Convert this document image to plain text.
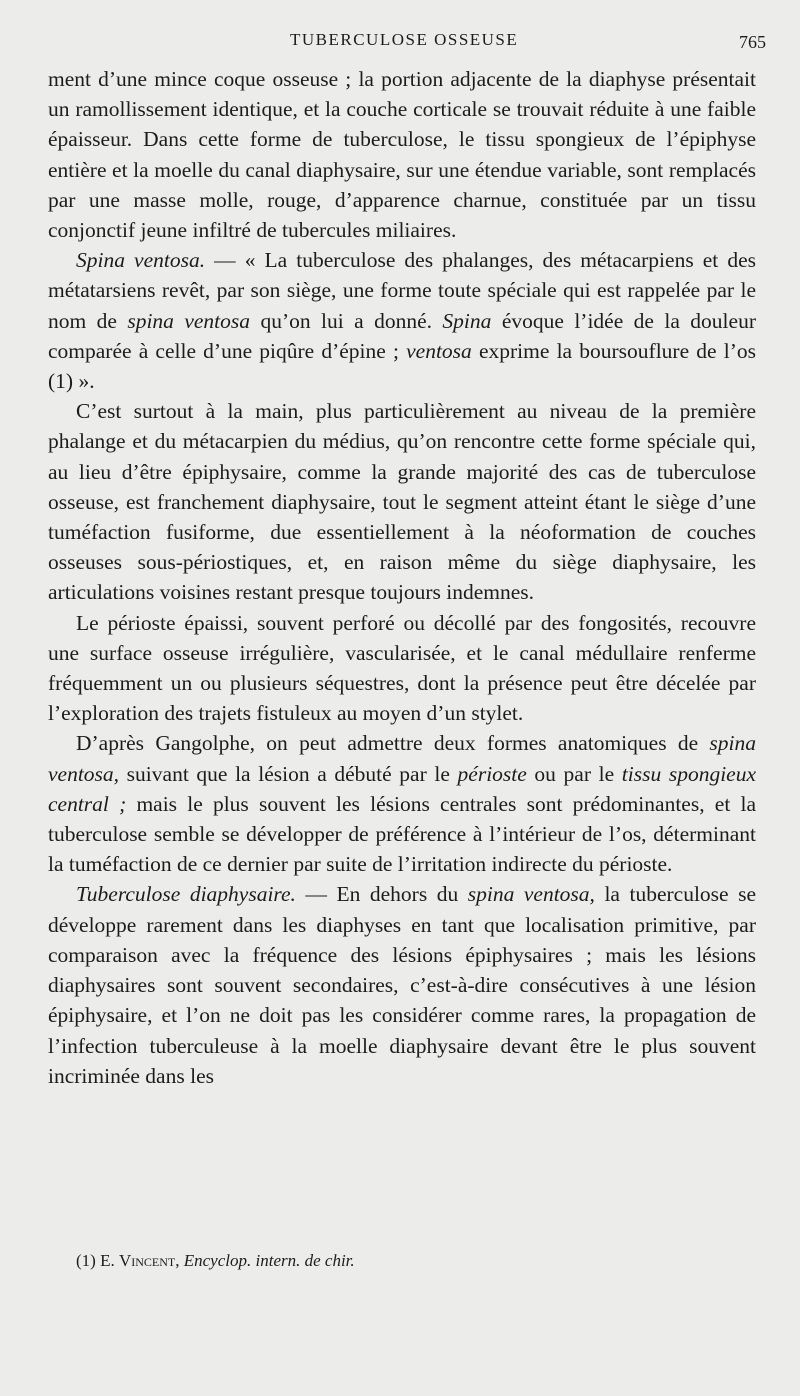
TUBERCULOSE OSSEUSE	765

ment d’une mince coque osseuse ; la portion adjacente de la diaphyse présentait un ramollissement identique, et la couche corticale se trouvait réduite à une faible épaisseur. Dans cette forme de tuberculose, le tissu spongieux de l’épiphyse entière et la moelle du canal diaphysaire, sur une étendue variable, sont remplacés par une masse molle, rouge, d’apparence charnue, constituée par un tissu conjonctif jeune infiltré de tubercules miliaires.

Spina ventosa. — « La tuberculose des phalanges, des métacarpiens et des métatarsiens revêt, par son siège, une forme toute spéciale qui est rappelée par le nom de spina ventosa qu’on lui a donné. Spina évoque l’idée de la douleur comparée à celle d’une piqûre d’épine ; ventosa exprime la boursouflure de l’os (1) ».

C’est surtout à la main, plus particulièrement au niveau de la première phalange et du métacarpien du médius, qu’on rencontre cette forme spéciale qui, au lieu d’être épiphysaire, comme la grande majorité des cas de tuberculose osseuse, est franchement diaphysaire, tout le segment atteint étant le siège d’une tuméfaction fusiforme, due essentiellement à la néoformation de couches osseuses sous-périostiques, et, en raison même du siège diaphysaire, les articulations voisines restant presque toujours indemnes.

Le périoste épaissi, souvent perforé ou décollé par des fongosités, recouvre une surface osseuse irrégulière, vascularisée, et le canal médullaire renferme fréquemment un ou plusieurs séquestres, dont la présence peut être décelée par l’exploration des trajets fistuleux au moyen d’un stylet.

D’après Gangolphe, on peut admettre deux formes anatomiques de spina ventosa, suivant que la lésion a débuté par le périoste ou par le tissu spongieux central ; mais le plus souvent les lésions centrales sont prédominantes, et la tuberculose semble se développer de préférence à l’intérieur de l’os, déterminant la tuméfaction de ce dernier par suite de l’irritation indirecte du périoste.

Tuberculose diaphysaire. — En dehors du spina ventosa, la tuberculose se développe rarement dans les diaphyses en tant que localisation primitive, par comparaison avec la fréquence des lésions épiphysaires ; mais les lésions diaphysaires sont souvent secondaires, c’est-à-dire consécutives à une lésion épiphysaire, et l’on ne doit pas les considérer comme rares, la propagation de l’infection tuberculeuse à la moelle diaphysaire devant être le plus souvent incriminée dans les

(1) E. Vincent, Encyclop. intern. de chir.
